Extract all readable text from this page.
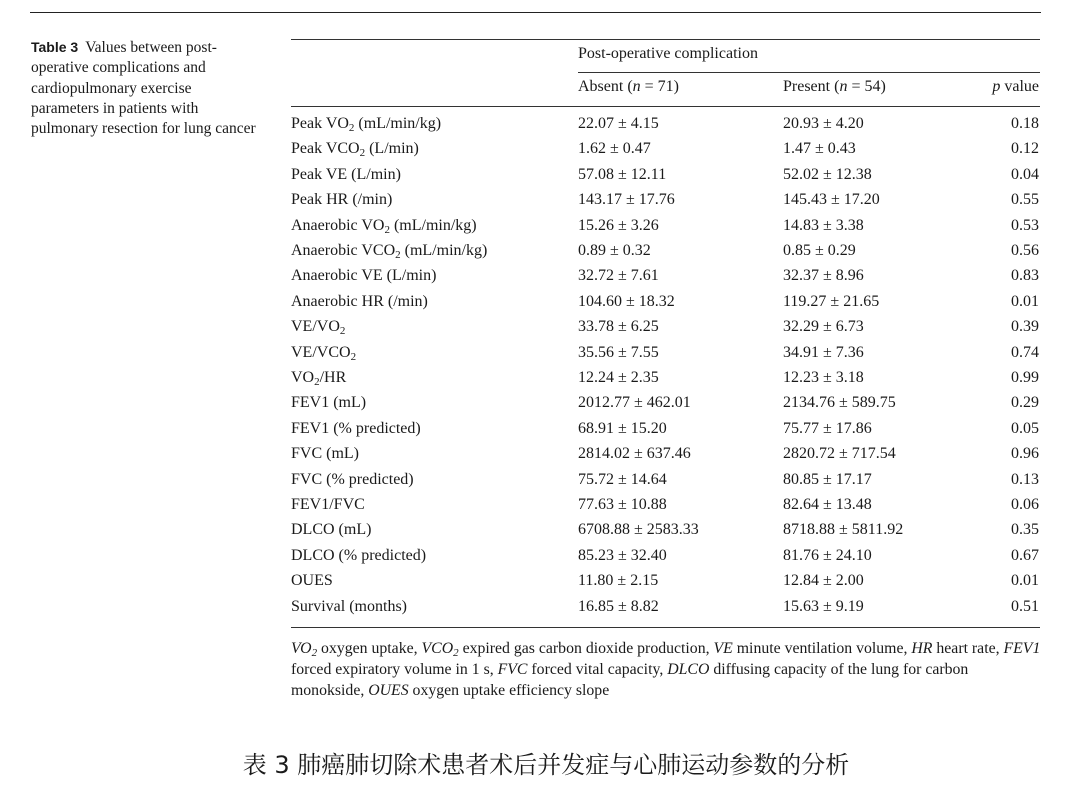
Table 3 Values between post-operative complications and cardiopulmonary exercise parameters in patients with pulmonary resection for lung cancer
Post-operative complication
Absent (n = 71)	Present (n = 54)	p value
Peak $VO_2$ (mL/min/kg)	22.07 ± 4.15	20.93 ± 4.20	0.18
Peak $VCO_2$ (L/min)	1.62 ± 0.47	1.47 ± 0.43	0.12
Peak VE (L/min)	57.08 ± 12.11	52.02 ± 12.38	0.04
Peak HR (/min)	143.17 ± 17.76	145.43 ± 17.20	0.55
Anaerobic $VO_2$ (mL/min/kg)	15.26 ± 3.26	14.83 ± 3.38	0.53
Anaerobic $VCO_2$ (mL/min/kg)	0.89 ± 0.32	0.85 ± 0.29	0.56
Anaerobic VE (L/min)	32.72 ± 7.61	32.37 ± 8.96	0.83
Anaerobic HR (/min)	104.60 ± 18.32	119.27 ± 21.65	0.01
$VE/VO_2$	33.78 ± 6.25	32.29 ± 6.73	0.39
$VE/VCO_2$	35.56 ± 7.55	34.91 ± 7.36	0.74
$VO_2/HR$	12.24 ± 2.35	12.23 ± 3.18	0.99
FEV1 (mL)	2012.77 ± 462.01	2134.76 ± 589.75	0.29
FEV1 (% predicted)	68.91 ± 15.20	75.77 ± 17.86	0.05
FVC (mL)	2814.02 ± 637.46	2820.72 ± 717.54	0.96
FVC (% predicted)	75.72 ± 14.64	80.85 ± 17.17	0.13
FEV1/FVC	77.63 ± 10.88	82.64 ± 13.48	0.06
DLCO (mL)	6708.88 ± 2583.33	8718.88 ± 5811.92	0.35
DLCO (% predicted)	85.23 ± 32.40	81.76 ± 24.10	0.67
OUES	11.80 ± 2.15	12.84 ± 2.00	0.01
Survival (months)	16.85 ± 8.82	15.63 ± 9.19	0.51
$VO_2$ oxygen uptake, $VCO_2$ expired gas carbon dioxide production, VE minute ventilation volume, HR heart rate, FEV1 forced expiratory volume in 1 s, FVC forced vital capacity, DLCO diffusing capacity of the lung for carbon monokside, OUES oxygen uptake efficiency slope
表 3 肺癌肺切除术患者术后并发症与心肺运动参数的分析
